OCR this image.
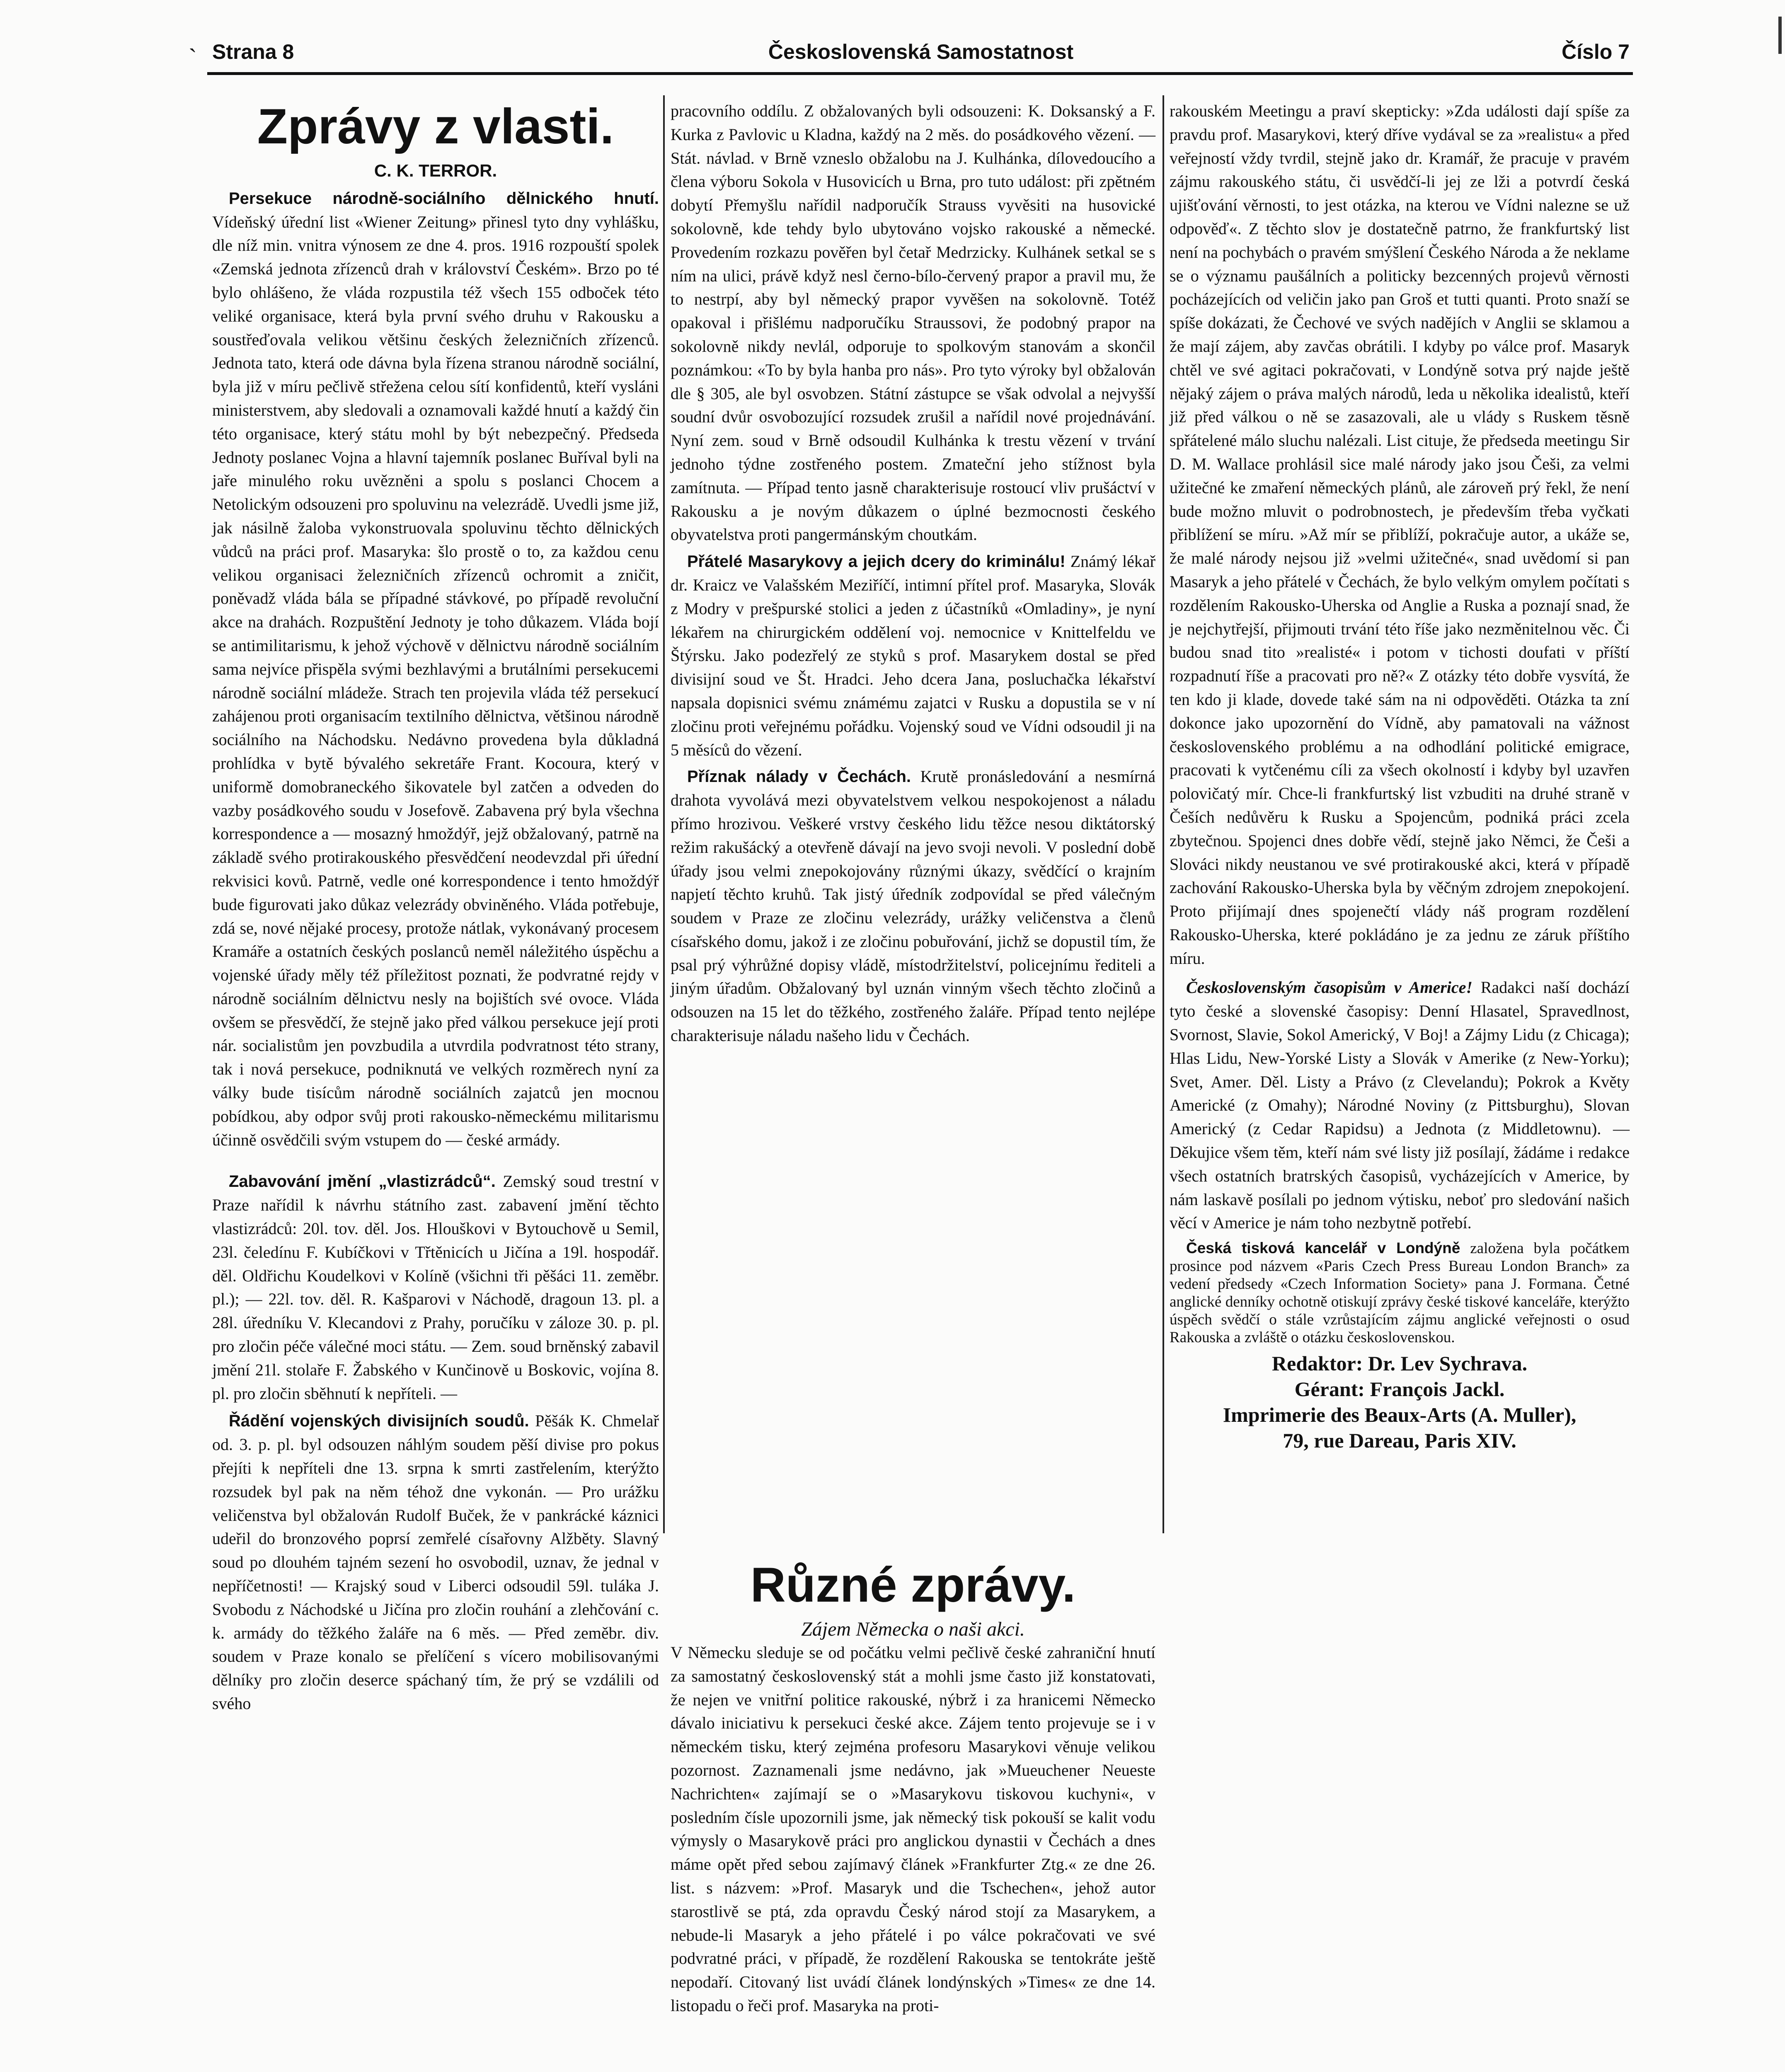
`	Československá Samostatnost
Strana 8	Číslo 7
Zprávy z vlasti.
C. K. TERROR.

Persekuce národně-sociálního dělnického hnutí. Vídeňský úřední list «Wiener Zeitung» přinesl tyto dny vyhlášku, dle níž min. vnitra výnosem ze dne 4. pros. 1916 rozpouští spolek «Zemská jednota zřízenců drah v království Českém». Brzo po té bylo ohlášeno, že vláda rozpustila též všech 155 odboček této veliké organisace, která byla první svého druhu v Rakousku a soustřeďovala velikou většinu českých železničních zřízenců. Jednota tato, která ode dávna byla řízena stranou národně sociální, byla již v míru pečlivě střežena celou sítí konfidentů, kteří vysláni ministerstvem, aby sledovali a oznamovali každé hnutí a každý čin této organisace, který státu mohl by být nebezpečný. Předseda Jednoty poslanec Vojna a hlavní tajemník poslanec Buříval byli na jaře minulého roku uvězněni a spolu s poslanci Chocem a Netolickým odsouzeni pro spoluvinu na velezrádě. Uvedli jsme již, jak násilně žaloba vykonstruovala spoluvinu těchto dělnických vůdců na práci prof. Masaryka: šlo prostě o to, za každou cenu velikou organisaci železničních zřízenců ochromit a zničit, poněvadž vláda bála se případné stávkové, po případě revoluční akce na drahách. Rozpuštění Jednoty je toho důkazem. Vláda bojí se antimilitarismu, k jehož výchově v dělnictvu národně sociálním sama nejvíce přispěla svými bezhlavými a brutálními persekucemi národně sociální mládeže. Strach ten projevila vláda též persekucí zahájenou proti organisacím textilního dělnictva, většinou národně sociálního na Náchodsku. Nedávno provedena byla důkladná prohlídka v bytě bývalého sekretáře Frant. Kocoura, který v uniformě domobraneckého šikovatele byl zatčen a odveden do vazby posádkového soudu v Josefově. Zabavena prý byla všechna korrespondence a — mosazný hmoždýř, jejž obžalovaný, patrně na základě svého protirakouského přesvědčení neodevzdal při úřední rekvisici kovů. Patrně, vedle oné korrespondence i tento hmoždýř bude figurovati jako důkaz velezrády obviněného. Vláda potřebuje, zdá se, nové nějaké procesy, protože nátlak, vykonávaný procesem Kramáře a ostatních českých poslanců neměl náležitého úspěchu a vojenské úřady měly též příležitost poznati, že podvratné rejdy v národně sociálním dělnictvu nesly na bojištích své ovoce. Vláda ovšem se přesvědčí, že stejně jako před válkou persekuce její proti nár. socialistům jen povzbudila a utvrdila podvratnost této strany, tak i nová persekuce, podniknutá ve velkých rozměrech nyní za války bude tisícům národně sociálních zajatců jen mocnou pobídkou, aby odpor svůj proti rakousko-německému militarismu účinně osvědčili svým vstupem do — české armády.

Zabavování jmění „vlastizrádců“. Zemský soud trestní v Praze nařídil k návrhu státního zast. zabavení jmění těchto vlastizrádců: 20l. tov. děl. Jos. Hlouškovi v Bytouchově u Semil, 23l. čeledínu F. Kubíčkovi v Třtěnicích u Jičína a 19l. hospodář. děl. Oldřichu Koudelkovi v Kolíně (všichni tři pěšáci 11. zeměbr. pl.); — 22l. tov. děl. R. Kašparovi v Náchodě, dragoun 13. pl. a 28l. úředníku V. Klecandovi z Prahy, poručíku v záloze 30. p. pl. pro zločin péče válečné moci státu. — Zem. soud brněnský zabavil jmění 21l. stolaře F. Žabského v Kunčinově u Boskovic, vojína 8. pl. pro zločin sběhnutí k nepříteli. —

Řádění vojenských divisijních soudů. Pěšák K. Chmelař od. 3. p. pl. byl odsouzen náhlým soudem pěší divise pro pokus přejíti k nepříteli dne 13. srpna k smrti zastřelením, kterýžto rozsudek byl pak na něm téhož dne vykonán. — Pro urážku veličenstva byl obžalován Rudolf Buček, že v pankrácké káznici udeřil do bronzového poprsí zemřelé císařovny Alžběty. Slavný soud po dlouhém tajném sezení ho osvobodil, uznav, že jednal v nepříčetnosti! — Krajský soud v Liberci odsoudil 59l. tuláka J. Svobodu z Náchodské u Jičína pro zločin rouhání a zlehčování c. k. armády do těžkého žaláře na 6 měs. — Před zeměbr. div. soudem v Praze konalo se přelíčení s vícero mobilisovanými dělníky pro zločin deserce spáchaný tím, že prý se vzdálili od svého

pracovního oddílu. Z obžalovaných byli odsouzeni: K. Doksanský a F. Kurka z Pavlovic u Kladna, každý na 2 měs. do posádkového vězení. — Stát. návlad. v Brně vzneslo obžalobu na J. Kulhánka, dílovedoucího a člena výboru Sokola v Husovicích u Brna, pro tuto událost: při zpětném dobytí Přemyšlu nařídil nadporučík Strauss vyvěsiti na husovické sokolovně, kde tehdy bylo ubytováno vojsko rakouské a německé. Provedením rozkazu pověřen byl četař Medrzicky. Kulhánek setkal se s ním na ulici, právě když nesl černo-bílo-červený prapor a pravil mu, že to nestrpí, aby byl německý prapor vyvěšen na sokolovně. Totéž opakoval i přišlému nadporučíku Straussovi, že podobný prapor na sokolovně nikdy nevlál, odporuje to spolkovým stanovám a skončil poznámkou: «To by byla hanba pro nás». Pro tyto výroky byl obžalován dle § 305, ale byl osvobzen. Státní zástupce se však odvolal a nejvyšší soudní dvůr osvobozující rozsudek zrušil a nařídil nové projednávání. Nyní zem. soud v Brně odsoudil Kulhánka k trestu vězení v trvání jednoho týdne zostřeného postem. Zmateční jeho stížnost byla zamítnuta. — Případ tento jasně charakterisuje rostoucí vliv prušáctví v Rakousku a je novým důkazem o úplné bezmocnosti českého obyvatelstva proti pangermánským choutkám.

Přátelé Masarykovy a jejich dcery do kriminálu! Známý lékař dr. Kraicz ve Valašském Meziříčí, intimní přítel prof. Masaryka, Slovák z Modry v prešpurské stolici a jeden z účastníků «Omladiny», je nyní lékařem na chirurgickém oddělení voj. nemocnice v Knittelfeldu ve Štýrsku. Jako podezřelý ze styků s prof. Masarykem dostal se před divisijní soud ve Št. Hradci. Jeho dcera Jana, posluchačka lékařství napsala dopisnici svému známému zajatci v Rusku a dopustila se v ní zločinu proti veřejnému pořádku. Vojenský soud ve Vídni odsoudil ji na 5 měsíců do vězení.

Příznak nálady v Čechách. Krutě pronásledování a nesmírná drahota vyvolává mezi obyvatelstvem velkou nespokojenost a náladu přímo hrozivou. Veškeré vrstvy českého lidu těžce nesou diktátorský režim rakušácký a otevřeně dávají na jevo svoji nevoli. V poslední době úřady jsou velmi znepokojovány různými úkazy, svědčící o krajním napjetí těchto kruhů. Tak jistý úředník zodpovídal se před válečným soudem v Praze ze zločinu velezrády, urážky veličenstva a členů císařského domu, jakož i ze zločinu pobuřování, jichž se dopustil tím, že psal prý výhrůžné dopisy vládě, místodržitelství, policejnímu řediteli a jiným úřadům. Obžalovaný byl uznán vinným všech těchto zločinů a odsouzen na 15 let do těžkého, zostřeného žaláře. Případ tento nejlépe charakterisuje náladu našeho lidu v Čechách.

Různé zprávy.
Zájem Německa o naši akci.

V Německu sleduje se od počátku velmi pečlivě české zahraniční hnutí za samostatný československý stát a mohli jsme často již konstatovati, že nejen ve vnitřní politice rakouské, nýbrž i za hranicemi Německo dávalo iniciativu k persekuci české akce. Zájem tento projevuje se i v německém tisku, který zejména profesoru Masarykovi věnuje velikou pozornost. Zaznamenali jsme nedávno, jak »Mueuchener Neueste Nachrichten« zajímají se o »Masarykovu tiskovou kuchyni«, v posledním čísle upozornili jsme, jak německý tisk pokouší se kalit vodu výmysly o Masarykově práci pro anglickou dynastii v Čechách a dnes máme opět před sebou zajímavý článek »Frankfurter Ztg.« ze dne 26. list. s názvem: »Prof. Masaryk und die Tschechen«, jehož autor starostlivě se ptá, zda opravdu Český národ stojí za Masarykem, a nebude-li Masaryk a jeho přátelé i po válce pokračovati ve své podvratné práci, v případě, že rozdělení Rakouska se tentokráte ještě nepodaří. Citovaný list uvádí článek londýnských »Times« ze dne 14. listopadu o řeči prof. Masaryka na proti-

rakouském Meetingu a praví skepticky: »Zda události dají spíše za pravdu prof. Masarykovi, který dříve vydával se za »realistu« a před veřejností vždy tvrdil, stejně jako dr. Kramář, že pracuje v pravém zájmu rakouského státu, či usvědčí-li jej ze lži a potvrdí česká ujišťování věrnosti, to jest otázka, na kterou ve Vídni nalezne se už odpověď«. Z těchto slov je dostatečně patrno, že frankfurtský list není na pochybách o pravém smýšlení Českého Národa a že neklame se o významu paušálních a politicky bezcenných projevů věrnosti pocházejících od veličin jako pan Groš et tutti quanti. Proto snaží se spíše dokázati, že Čechové ve svých nadějích v Anglii se sklamou a že mají zájem, aby zavčas obrátili. I kdyby po válce prof. Masaryk chtěl ve své agitaci pokračovati, v Londýně sotva prý najde ještě nějaký zájem o práva malých národů, leda u několika idealistů, kteří již před válkou o ně se zasazovali, ale u vlády s Ruskem těsně spřátelené málo sluchu nalézali. List cituje, že předseda meetingu Sir D. M. Wallace prohlásil sice malé národy jako jsou Češi, za velmi užitečné ke zmaření německých plánů, ale zároveň prý řekl, že není bude možno mluvit o podrobnostech, je především třeba vyčkati přiblížení se míru. »Až mír se přiblíží, pokračuje autor, a ukáže se, že malé národy nejsou již »velmi užitečné«, snad uvědomí si pan Masaryk a jeho přátelé v Čechách, že bylo velkým omylem počítati s rozdělením Rakousko-Uherska od Anglie a Ruska a poznají snad, že je nejchytřejší, přijmouti trvání této říše jako nezměnitelnou věc. Či budou snad tito »realisté« i potom v tichosti doufati v příští rozpadnutí říše a pracovati pro ně?« Z otázky této dobře vysvítá, že ten kdo ji klade, dovede také sám na ni odpověděti. Otázka ta zní dokonce jako upozornění do Vídně, aby pamatovali na vážnost československého problému a na odhodlání politické emigrace, pracovati k vytčenému cíli za všech okolností i kdyby byl uzavřen polovičatý mír. Chce-li frankfurtský list vzbuditi na druhé straně v Češích nedůvěru k Rusku a Spojencům, podniká práci zcela zbytečnou. Spojenci dnes dobře vědí, stejně jako Němci, že Češi a Slováci nikdy neustanou ve své protirakouské akci, která v případě zachování Rakousko-Uherska byla by věčným zdrojem znepokojení. Proto přijímají dnes spojenečtí vlády náš program rozdělení Rakousko-Uherska, které pokládáno je za jednu ze záruk příštího míru.

Československým časopisům v Americe! Radakci naší dochází tyto české a slovenské časopisy: Denní Hlasatel, Spravedlnost, Svornost, Slavie, Sokol Americký, V Boj! a Zájmy Lidu (z Chicaga); Hlas Lidu, New-Yorské Listy a Slovák v Amerike (z New-Yorku); Svet, Amer. Děl. Listy a Právo (z Clevelandu); Pokrok a Květy Americké (z Omahy); Národné Noviny (z Pittsburghu), Slovan Americký (z Cedar Rapidsu) a Jednota (z Middletownu). — Děkujice všem těm, kteří nám své listy již posílají, žádáme i redakce všech ostatních bratrských časopisů, vycházejících v Americe, by nám laskavě posílali po jednom výtisku, neboť pro sledování našich věcí v Americe je nám toho nezbytně potřebí.

Česká tisková kancelář v Londýně založena byla počátkem prosince pod názvem «Paris Czech Press Bureau London Branch» za vedení předsedy «Czech Information Society» pana J. Formana. Četné anglické denníky ochotně otiskují zprávy české tiskové kanceláře, kterýžto úspěch svědčí o stále vzrůstajícím zájmu anglické veřejnosti o osud Rakouska a zvláště o otázku československou.

Redaktor: Dr. Lev Sychrava.
Gérant: François Jackl.
Imprimerie des Beaux-Arts (A. Muller),
79, rue Dareau, Paris XIV.
